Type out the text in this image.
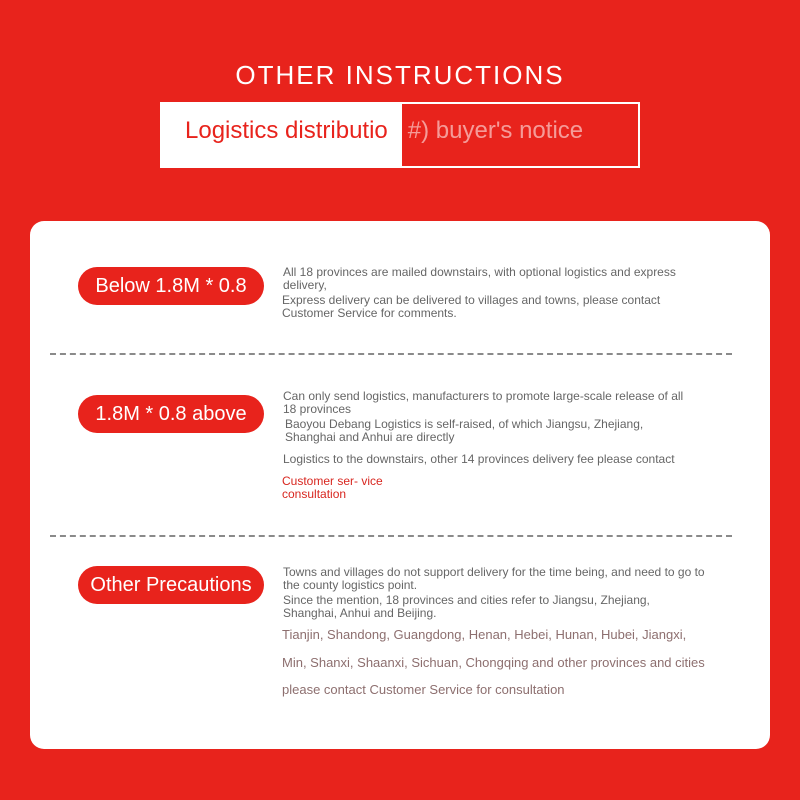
OTHER INSTRUCTIONS
Logistics distribution #) buyer's notice
Below 1.8M * 0.8
All 18 provinces are mailed downstairs, with optional logistics and express delivery,
Express delivery can be delivered to villages and towns, please contact Customer Service for comments.
1.8M * 0.8 above
Can only send logistics, manufacturers to promote large-scale release of all 18 provinces
Baoyou Debang Logistics is self-raised, of which Jiangsu, Zhejiang, Shanghai and Anhui are directly
Logistics to the downstairs, other 14 provinces delivery fee please contact
Customer ser- vice consultation
Other Precautions
Towns and villages do not support delivery for the time being, and need to go to the county logistics point.
Since the mention, 18 provinces and cities refer to Jiangsu, Zhejiang, Shanghai, Anhui and Beijing.
Tianjin, Shandong, Guangdong, Henan, Hebei, Hunan, Hubei, Jiangxi,
Min, Shanxi, Shaanxi, Sichuan, Chongqing and other provinces and cities
please contact Customer Service for consultation
